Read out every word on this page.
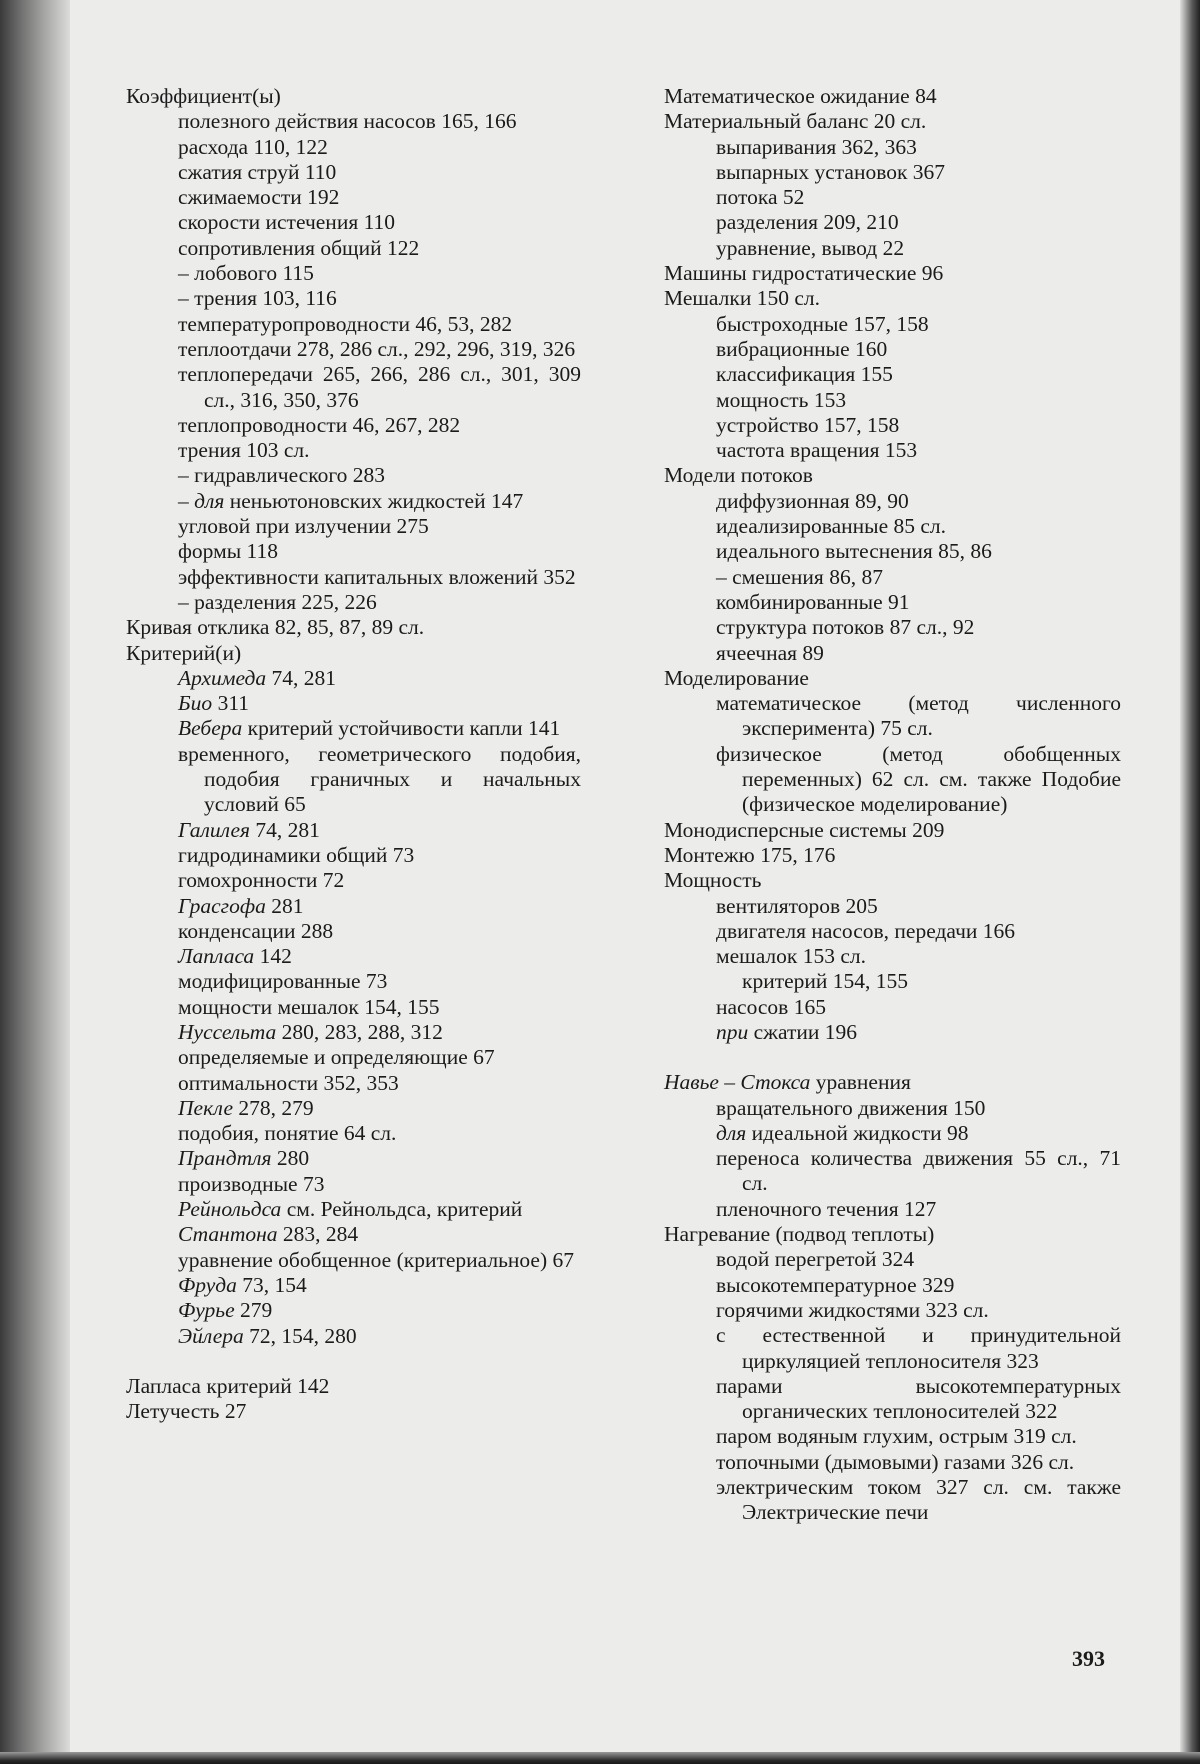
Коэффициент(ы)

полезного действия насосов 165, 166

расхода 110, 122

сжатия струй 110

сжимаемости 192

скорости истечения 110

сопротивления общий 122

– лобового 115

– трения 103, 116

температуропроводности 46, 53, 282

теплоотдачи 278, 286 сл., 292, 296, 319, 326

теплопередачи 265, 266, 286 сл., 301, 309 сл., 316, 350, 376

теплопроводности 46, 267, 282

трения 103 сл.

– гидравлического 283

– для неньютоновских жидкостей 147

угловой при излучении 275

формы 118

эффективности капитальных вложений 352

– разделения 225, 226

Кривая отклика 82, 85, 87, 89 сл.

Критерий(и)

Архимеда 74, 281

Био 311

Вебера критерий устойчивости капли 141

временного, геометрического подобия, подобия граничных и начальных условий 65

Галилея 74, 281

гидродинамики общий 73

гомохронности 72

Грасгофа 281

конденсации 288

Лапласа 142

модифицированные 73

мощности мешалок 154, 155

Нуссельта 280, 283, 288, 312

определяемые и определяющие 67

оптимальности 352, 353

Пекле 278, 279

подобия, понятие 64 сл.

Прандтля 280

производные 73

Рейнольдса см. Рейнольдса, критерий

Стантона 283, 284

уравнение обобщенное (критериальное) 67

Фруда 73, 154

Фурье 279

Эйлера 72, 154, 280

Лапласа критерий 142

Летучесть 27

Математическое ожидание 84

Материальный баланс 20 сл.

выпаривания 362, 363

выпарных установок 367

потока 52

разделения 209, 210

уравнение, вывод 22

Машины гидростатические 96

Мешалки 150 сл.

быстроходные 157, 158

вибрационные 160

классификация 155

мощность 153

устройство 157, 158

частота вращения 153

Модели потоков

диффузионная 89, 90

идеализированные 85 сл.

идеального вытеснения 85, 86

– смешения 86, 87

комбинированные 91

структура потоков 87 сл., 92

ячеечная 89

Моделирование

математическое (метод численного эксперимента) 75 сл.

физическое (метод обобщенных переменных) 62 сл. см. также Подобие (физическое моделирование)

Монодисперсные системы 209

Монтежю 175, 176

Мощность

вентиляторов 205

двигателя насосов, передачи 166

мешалок 153 сл.

критерий 154, 155

насосов 165

при сжатии 196

Навье – Стокса уравнения

вращательного движения 150

для идеальной жидкости 98

переноса количества движения 55 сл., 71 сл.

пленочного течения 127

Нагревание (подвод теплоты)

водой перегретой 324

высокотемпературное 329

горячими жидкостями 323 сл.

с естественной и принудительной циркуляцией теплоносителя 323

парами высокотемпературных органических теплоносителей 322

паром водяным глухим, острым 319 сл.

топочными (дымовыми) газами 326 сл.

электрическим током 327 сл. см. также Электрические печи

393
